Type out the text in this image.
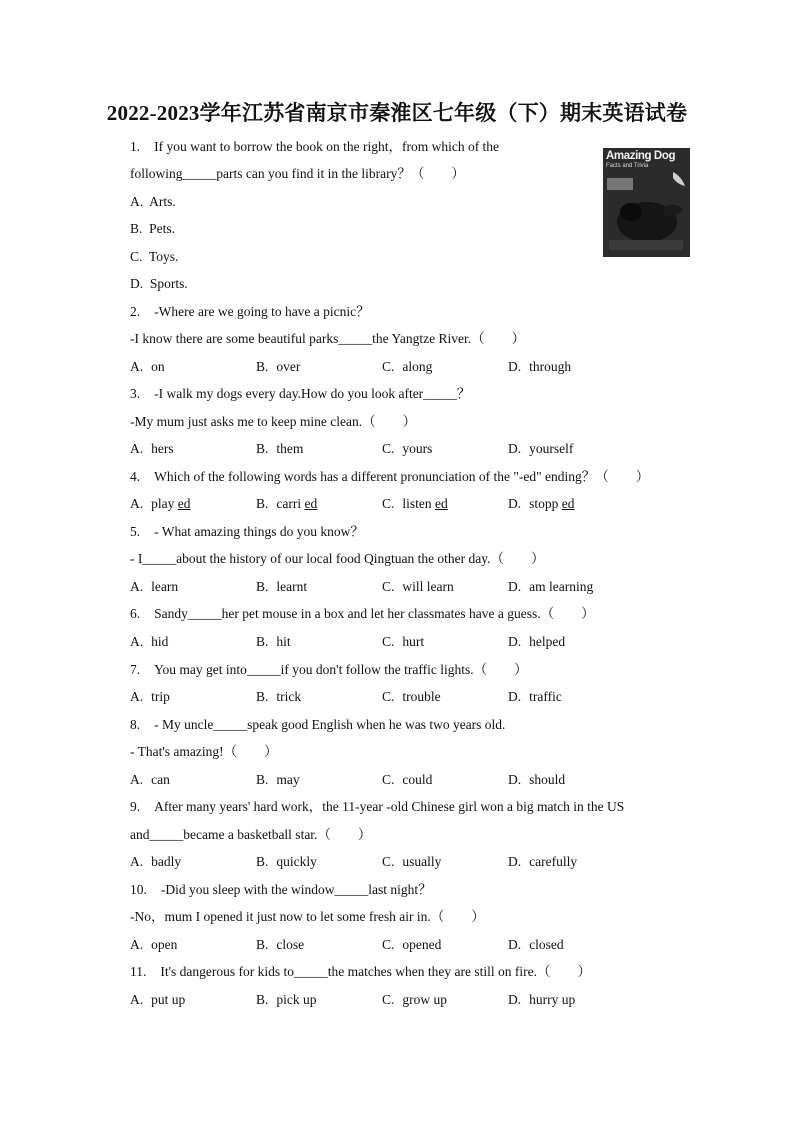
2022-2023学年江苏省南京市秦淮区七年级（下）期末英语试卷
Amazing Dog
Facts and Trivia
1. If you want to borrow the book on the right，from which of the
following_____parts can you find it in the library？（　　）
A.  Arts.
B.  Pets.
C.  Toys.
D.  Sports.
2. -Where are we going to have a picnic？
-I know there are some beautiful parks_____the Yangtze River.（　　）
A. on	B. over	C. along	D. through
3. -I walk my dogs every day.How do you look after_____？
-My mum just asks me to keep mine clean.（　　）
A. hers	B. them	C. yours	D. yourself
4. Which of the following words has a different pronunciation of the "-ed" ending？（　　）
A. play ed	B. carri ed	C. listen ed	D. stopp ed
5. - What amazing things do you know？
- I_____about the history of our local food Qingtuan the other day.（　　）
A. learn	B. learnt	C. will learn	D. am learning
6. Sandy_____her pet mouse in a box and let her classmates have a guess.（　　）
A. hid	B. hit	C. hurt	D. helped
7. You may get into_____if you don't follow the traffic lights.（　　）
A. trip	B. trick	C. trouble	D. traffic
8. - My uncle_____speak good English when he was two years old.
- That's amazing!（　　）
A. can	B. may	C. could	D. should
9. After many years' hard work，the 11-year -old Chinese girl won a big match in the US
and_____became a basketball star.（　　）
A. badly	B. quickly	C. usually	D. carefully
10. -Did you sleep with the window_____last night？
-No，mum I opened it just now to let some fresh air in.（　　）
A. open	B. close	C. opened	D. closed
11. It's dangerous for kids to_____the matches when they are still on fire.（　　）
A. put up	B. pick up	C. grow up	D. hurry up
